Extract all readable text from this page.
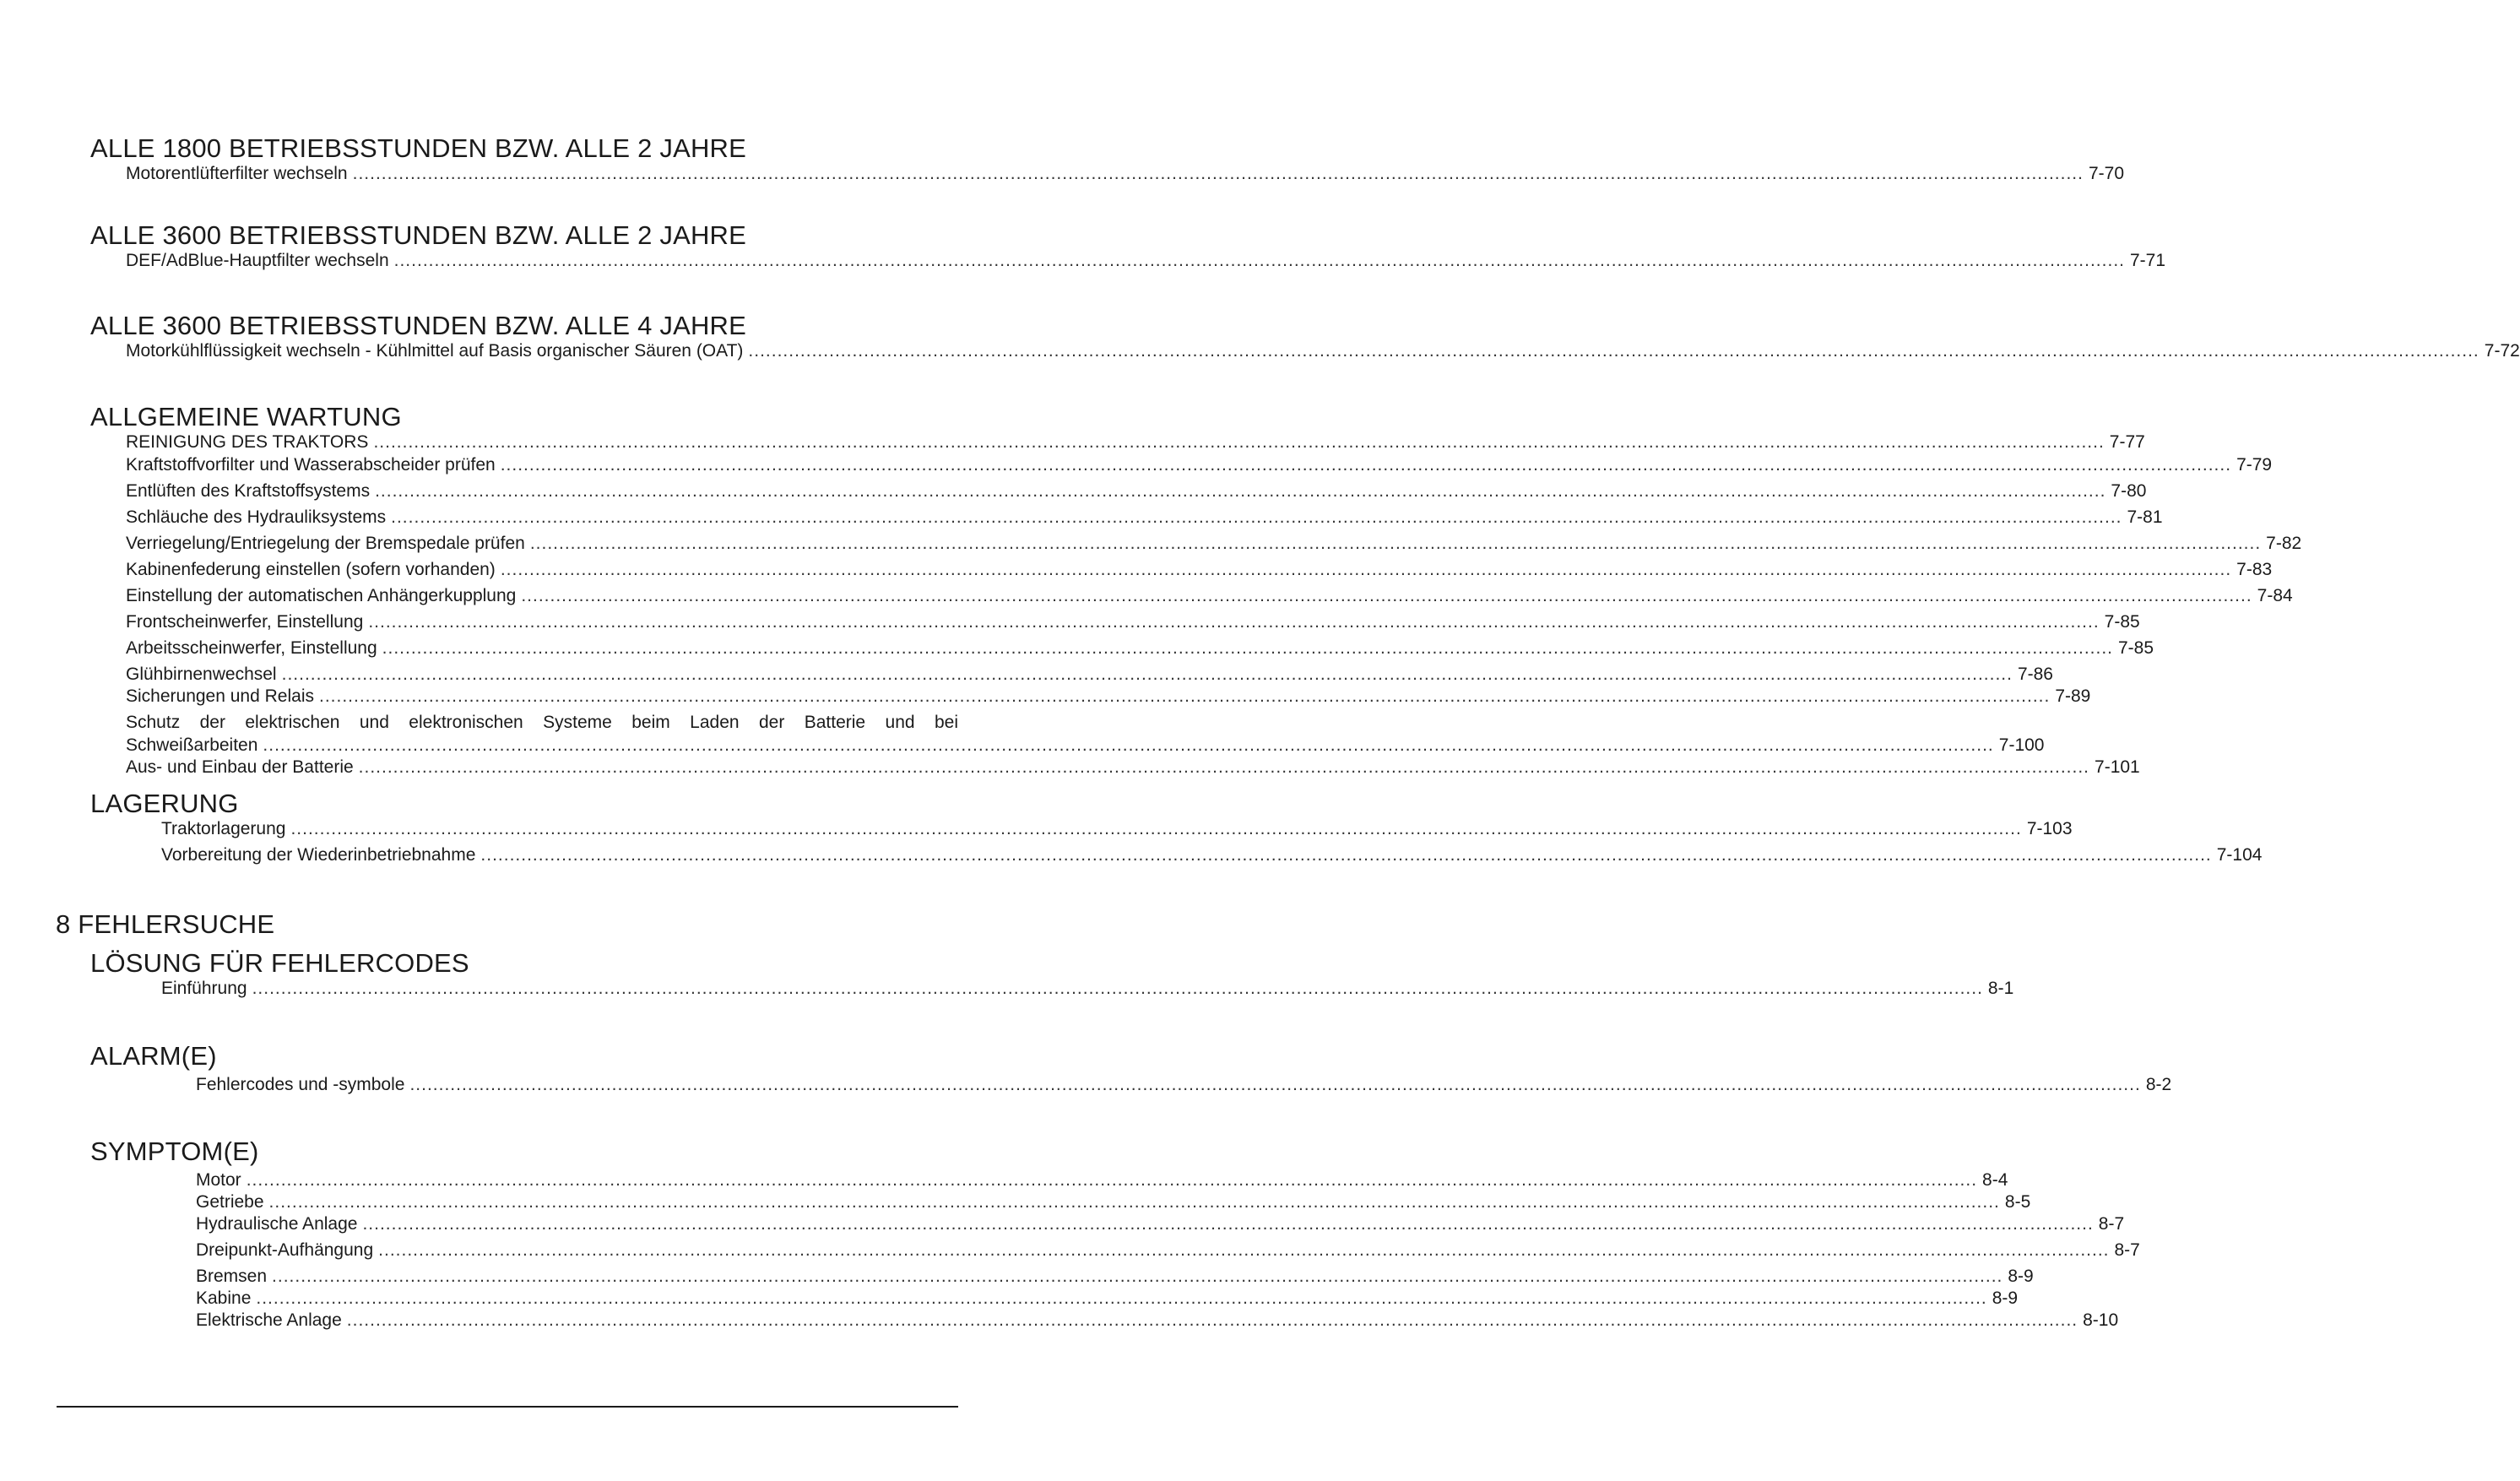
ALLE 1800 BETRIEBSSTUNDEN BZW. ALLE 2 JAHRE
Motorentlüfterfilter wechseln ............................................................................................................................................................................................................................................................................................................ 7-70
ALLE 3600 BETRIEBSSTUNDEN BZW. ALLE 2 JAHRE
DEF/AdBlue-Hauptfilter wechseln ............................................................................................................................................................................................................................................................................................................ 7-71
ALLE 3600 BETRIEBSSTUNDEN BZW. ALLE 4 JAHRE
Motorkühlflüssigkeit wechseln - Kühlmittel auf Basis organischer Säuren (OAT) ............................................................................................................................................................................................................................................................................................................ 7-72
ALLGEMEINE WARTUNG
REINIGUNG DES TRAKTORS ............................................................................................................................................................................................................................................................................................................ 7-77
Kraftstoffvorfilter und Wasserabscheider prüfen ............................................................................................................................................................................................................................................................................................................ 7-79
Entlüften des Kraftstoffsystems ............................................................................................................................................................................................................................................................................................................ 7-80
Schläuche des Hydrauliksystems ............................................................................................................................................................................................................................................................................................................ 7-81
Verriegelung/Entriegelung der Bremspedale prüfen ............................................................................................................................................................................................................................................................................................................ 7-82
Kabinenfederung einstellen (sofern vorhanden) ............................................................................................................................................................................................................................................................................................................ 7-83
Einstellung der automatischen Anhängerkupplung ............................................................................................................................................................................................................................................................................................................ 7-84
Frontscheinwerfer, Einstellung ............................................................................................................................................................................................................................................................................................................ 7-85
Arbeitsscheinwerfer, Einstellung ............................................................................................................................................................................................................................................................................................................ 7-85
Glühbirnenwechsel ............................................................................................................................................................................................................................................................................................................ 7-86
Sicherungen und Relais ............................................................................................................................................................................................................................................................................................................ 7-89
Schutz der elektrischen und elektronischen Systeme beim Laden der Batterie und bei
Schweißarbeiten ............................................................................................................................................................................................................................................................................................................ 7-100
Aus- und Einbau der Batterie ............................................................................................................................................................................................................................................................................................................ 7-101
LAGERUNG
Traktorlagerung ............................................................................................................................................................................................................................................................................................................ 7-103
Vorbereitung der Wiederinbetriebnahme ............................................................................................................................................................................................................................................................................................................ 7-104
8 FEHLERSUCHE
LÖSUNG FÜR FEHLERCODES
Einführung ............................................................................................................................................................................................................................................................................................................ 8-1
ALARM(E)
Fehlercodes und -symbole ............................................................................................................................................................................................................................................................................................................ 8-2
SYMPTOM(E)
Motor ............................................................................................................................................................................................................................................................................................................ 8-4
Getriebe ............................................................................................................................................................................................................................................................................................................ 8-5
Hydraulische Anlage ............................................................................................................................................................................................................................................................................................................ 8-7
Dreipunkt-Aufhängung ............................................................................................................................................................................................................................................................................................................ 8-7
Bremsen ............................................................................................................................................................................................................................................................................................................ 8-9
Kabine ............................................................................................................................................................................................................................................................................................................ 8-9
Elektrische Anlage ............................................................................................................................................................................................................................................................................................................ 8-10
